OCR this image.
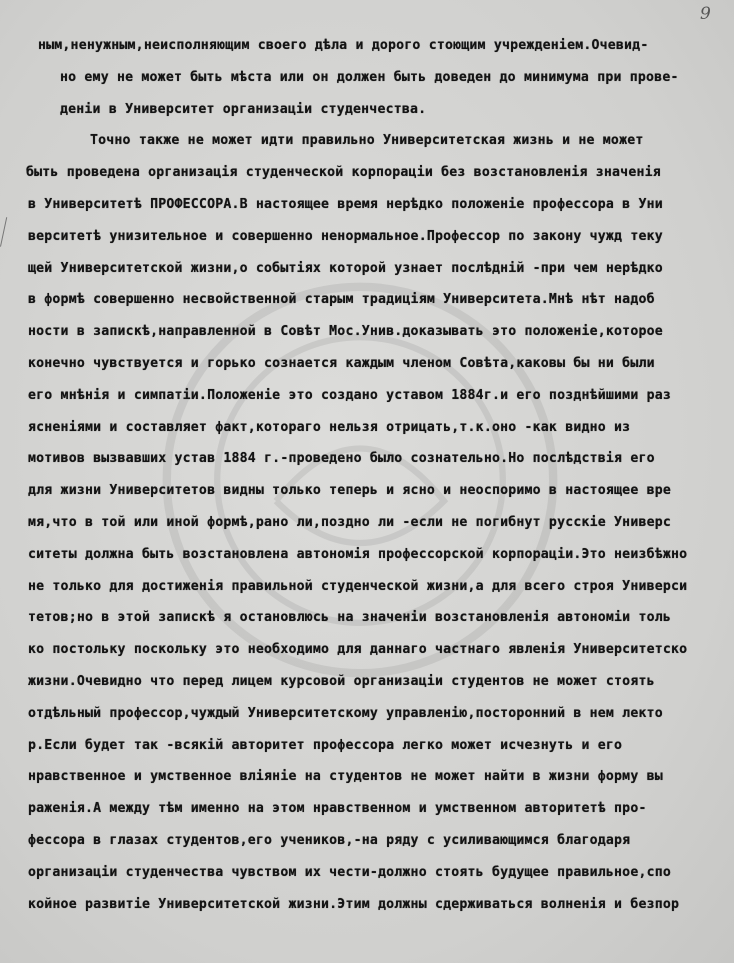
9
ным,ненужным,неисполняющим своего дѣла и дорого стоющим учрежденiем.Очевид-
но ему не может быть мѣста или он должен быть доведен до минимума при прове-
денiи в Университет организацiи студенчества.
Точно также не может идти правильно Университетская жизнь и не может
быть проведена организацiя студенческой корпорацiи без возстановленiя значенiя
в Университетѣ ПРОФЕССОРА.В настоящее время нерѣдко положенiе профессора в Уни
верситетѣ унизительное и совершенно ненормальное.Профессор по закону чужд теку
щей Университетской жизни,о событiях которой узнает послѣднiй -при чем нерѣдко
в формѣ совершенно несвойственной старым традицiям Университета.Мнѣ нѣт надоб
ности в запискѣ,направленной в Совѣт Мос.Унив.доказывать это положенiе,которое
конечно чувствуется и горько сознается каждым членом Совѣта,каковы бы ни были
его мнѣнiя и симпатiи.Положенiе это создано уставом 1884г.и его позднѣйшими раз
ясненiями и составляет факт,котораго нельзя отрицать,т.к.оно -как видно из
мотивов вызвавших устав 1884 г.-проведено было сознательно.Но послѣдствiя его
для жизни Университетов видны только теперь и ясно и неоспоримо в настоящее вре
мя,что в той или иной формѣ,рано ли,поздно ли -если не погибнут русскiе Универс
ситеты должна быть возстановлена автономiя профессорской корпорацiи.Это неизбѣжно
не только для достиженiя правильной студенческой жизни,а для всего строя Универси
тетов;но в этой запискѣ я остановлюсь на значенiи возстановленiя автономiи толь
ко постольку поскольку это необходимо для даннаго частнаго явленiя Университетско
жизни.Очевидно что перед лицем курсовой организацiи студентов не может стоять
отдѣльный профессор,чуждый Университетскому управленiю,посторонний в нем лекто
р.Если будет так -всякiй авторитет профессора легко может исчезнуть и его
нравственное и умственное влiянiе на студентов не может найти в жизни форму вы
раженiя.А между тѣм именно на этом нравственном и умственном авторитетѣ про-
фессора в глазах студентов,его учеников,-на ряду с усиливающимся благодаря
организацiи студенчества чувством их чести-должно стоять будущее правильное,спо
койное развитiе Университетской жизни.Этим должны сдерживаться волненiя и безпор
